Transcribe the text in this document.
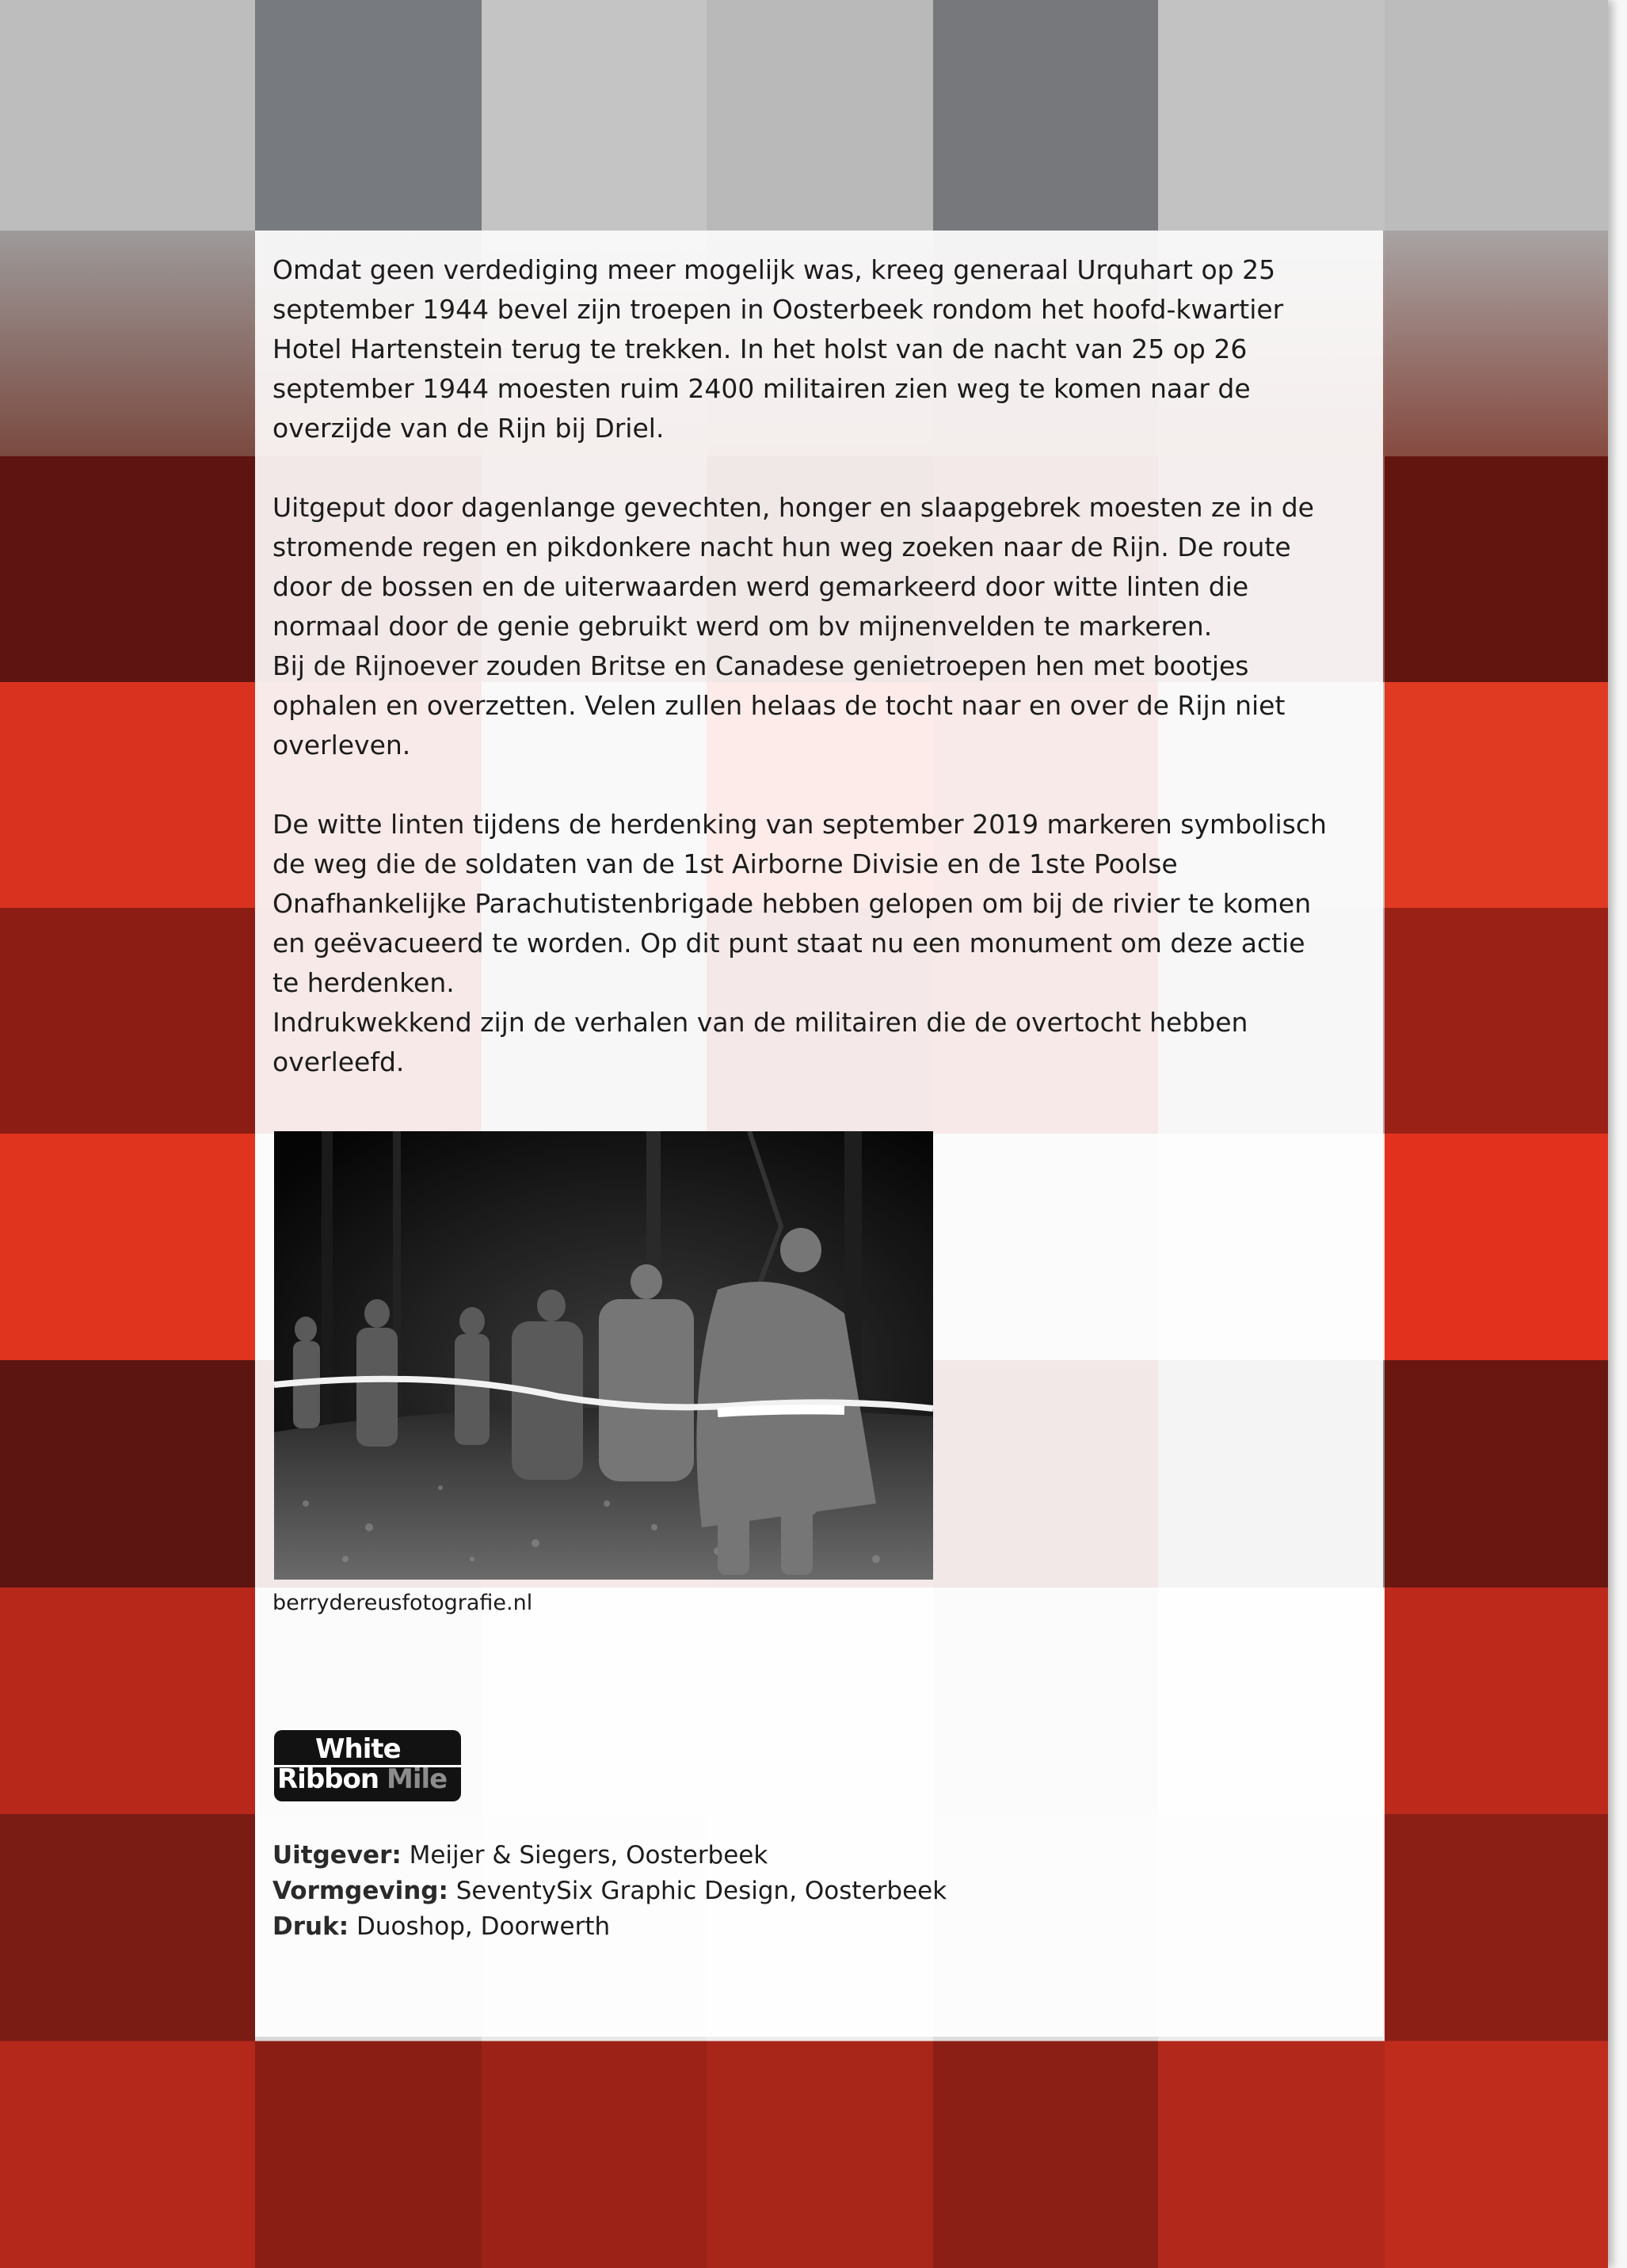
Omdat geen verdediging meer mogelijk was, kreeg generaal Urquhart op 25 september 1944 bevel zijn troepen in Oosterbeek rondom het hoofd-kwartier Hotel Hartenstein terug te trekken. In het holst van de nacht van 25 op 26 september 1944 moesten ruim 2400 militairen zien weg te komen naar de overzijde van de Rijn bij Driel.

Uitgeput door dagenlange gevechten, honger en slaapgebrek moesten ze in de stromende regen en pikdonkere nacht hun weg zoeken naar de Rijn. De route door de bossen en de uiterwaarden werd gemarkeerd door witte linten die normaal door de genie gebruikt werd om bv mijnenvelden te markeren.

Bij de Rijnoever zouden Britse en Canadese genietroepen hen met bootjes ophalen en overzetten. Velen zullen helaas de tocht naar en over de Rijn niet overleven.

De witte linten tijdens de herdenking van september 2019 markeren symbolisch de weg die de soldaten van de 1st Airborne Divisie en de 1ste Poolse Onafhankelijke Parachutistenbrigade hebben gelopen om bij de rivier te komen en geëvacueerd te worden. Op dit punt staat nu een monument om deze actie te herdenken.

Indrukwekkend zijn de verhalen van de militairen die de overtocht hebben overleefd.

berrydereusfotografie.nl
White
Ribbon Mile
Uitgever: Meijer & Siegers, Oosterbeek
Vormgeving: SeventySix Graphic Design, Oosterbeek
Druk: Duoshop, Doorwerth
